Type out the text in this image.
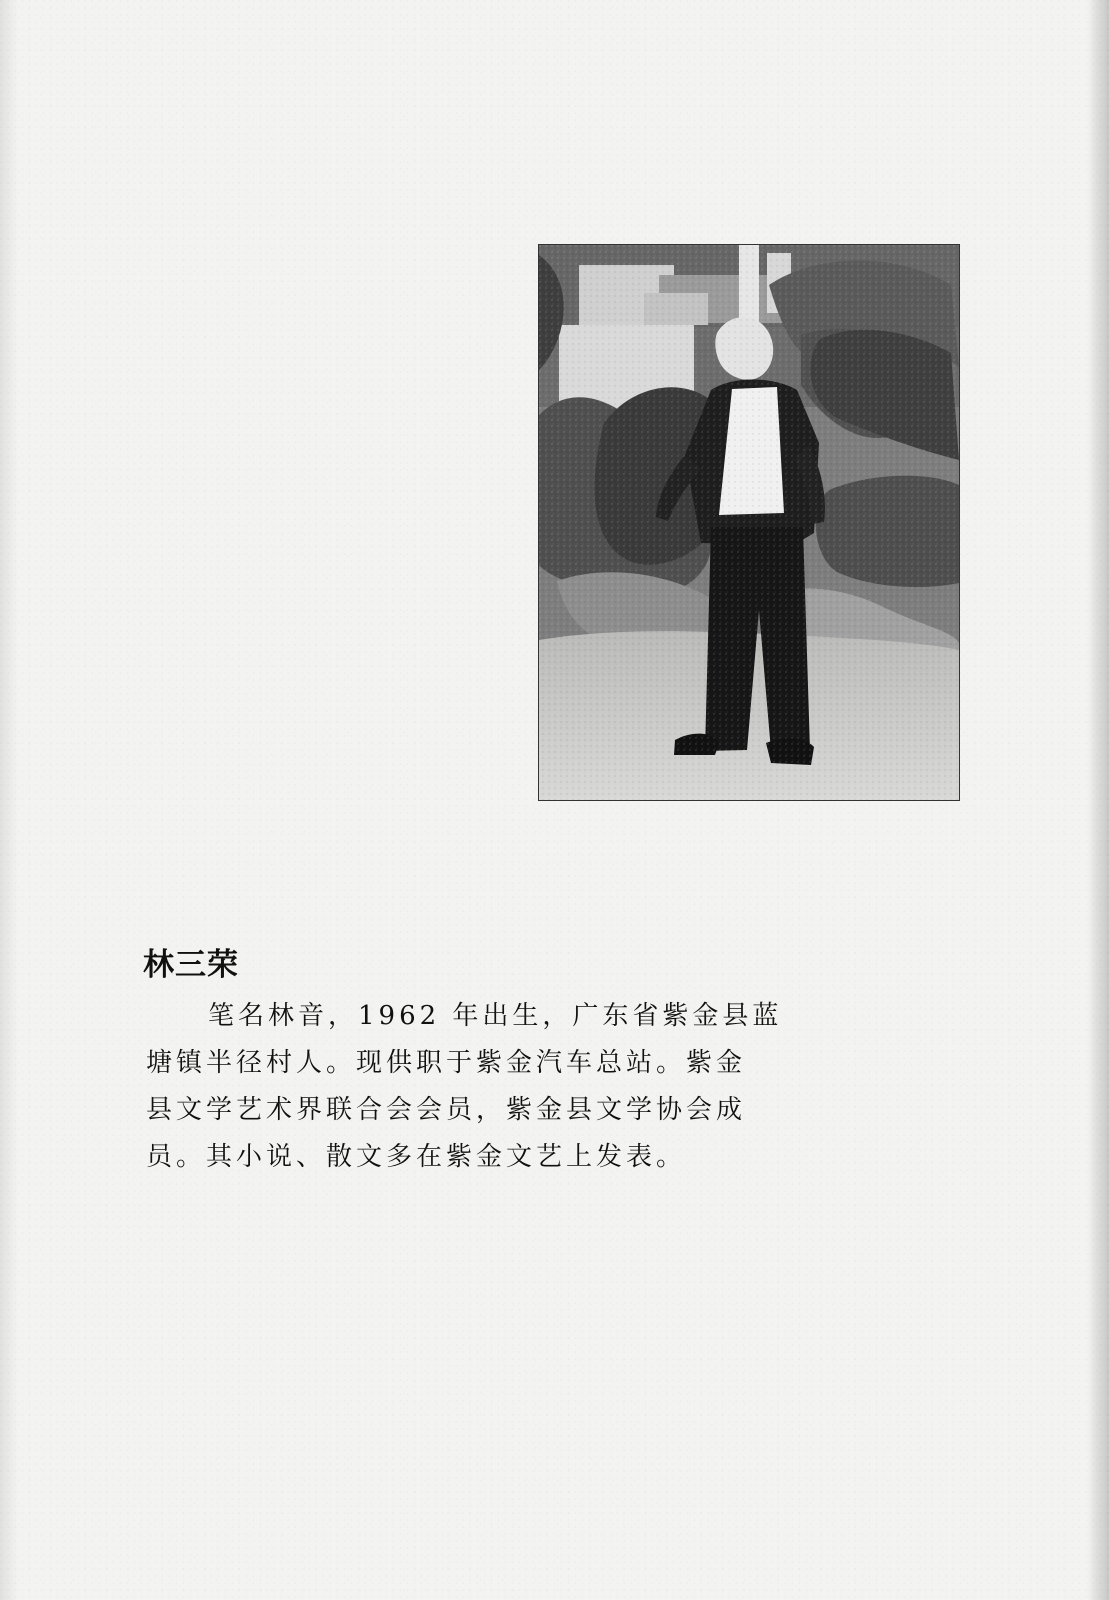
林三荣
笔名林音，1962 年出生，广东省紫金县蓝
塘镇半径村人。现供职于紫金汽车总站。紫金
县文学艺术界联合会会员，紫金县文学协会成
员。其小说、散文多在紫金文艺上发表。
